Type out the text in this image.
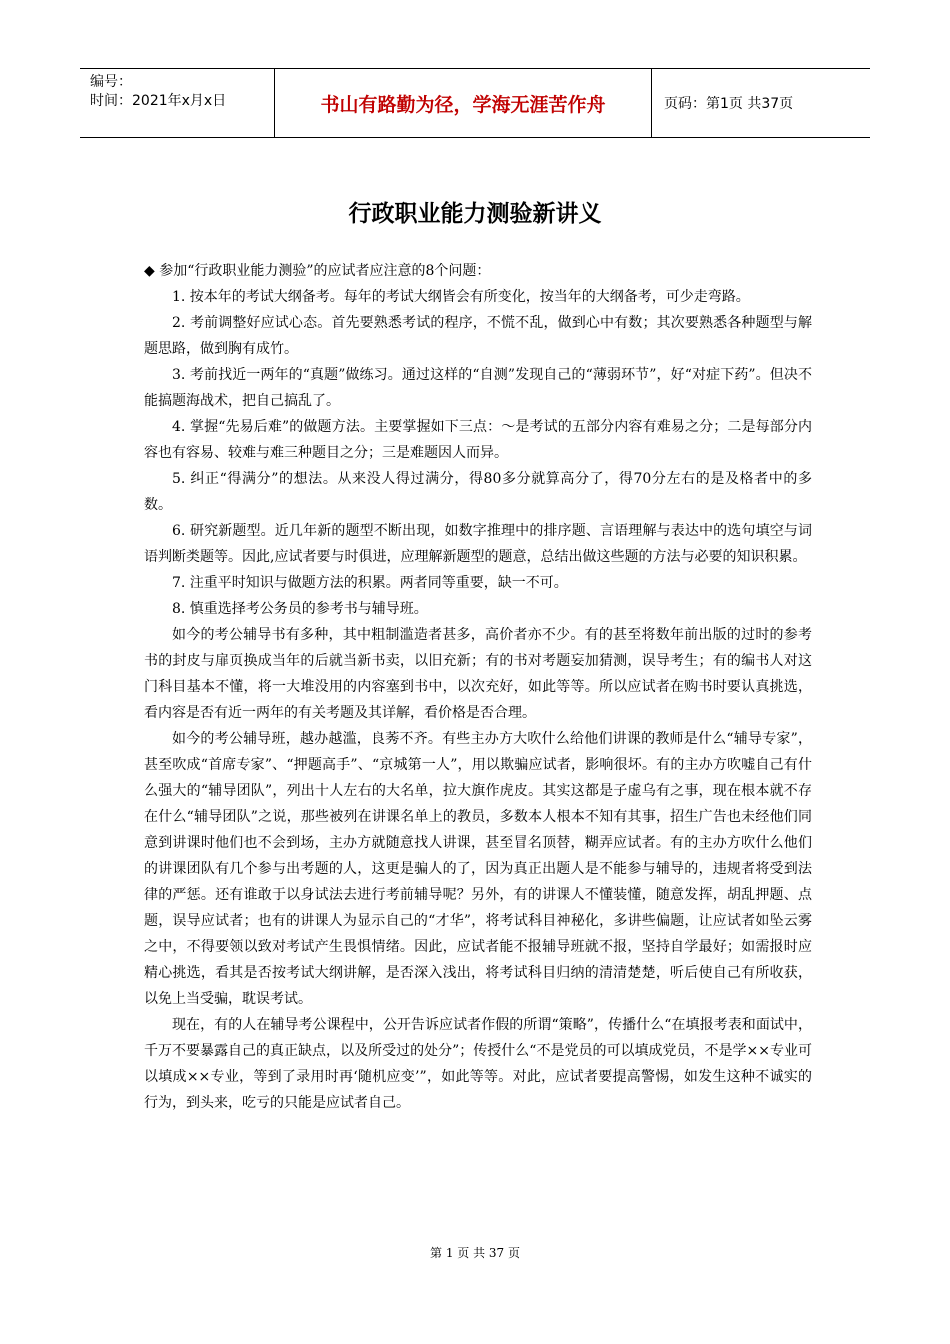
编号：
时间：2021年x月x日	书山有路勤为径，学海无涯苦作舟	页码：第1页 共37页
行政职业能力测验新讲义

◆ 参加“行政职业能力测验”的应试者应注意的8个问题：

1. 按本年的考试大纲备考。每年的考试大纲皆会有所变化，按当年的大纲备考，可少走弯路。

2. 考前调整好应试心态。首先要熟悉考试的程序，不慌不乱，做到心中有数；其次要熟悉各种题型与解题思路，做到胸有成竹。

3. 考前找近一两年的“真题”做练习。通过这样的“自测”发现自己的“薄弱环节”，好“对症下药”。但决不能搞题海战术，把自己搞乱了。

4. 掌握“先易后难”的做题方法。主要掌握如下三点：～是考试的五部分内容有难易之分；二是每部分内容也有容易、较难与难三种题目之分；三是难题因人而异。

5. 纠正“得满分”的想法。从来没人得过满分，得80多分就算高分了，得70分左右的是及格者中的多数。

6. 研究新题型。近几年新的题型不断出现，如数字推理中的排序题、言语理解与表达中的选句填空与词语判断类题等。因此,应试者要与时俱进，应理解新题型的题意，总结出做这些题的方法与必要的知识积累。

7. 注重平时知识与做题方法的积累。两者同等重要，缺一不可。

8. 慎重选择考公务员的参考书与辅导班。

如今的考公辅导书有多种，其中粗制滥造者甚多，高价者亦不少。有的甚至将数年前出版的过时的参考书的封皮与扉页换成当年的后就当新书卖，以旧充新；有的书对考题妄加猜测，误导考生；有的编书人对这门科目基本不懂，将一大堆没用的内容塞到书中，以次充好，如此等等。所以应试者在购书时要认真挑选，看内容是否有近一两年的有关考题及其详解，看价格是否合理。

如今的考公辅导班，越办越滥，良莠不齐。有些主办方大吹什么给他们讲课的教师是什么“辅导专家”，甚至吹成“首席专家”、“押题高手”、“京城第一人”，用以欺骗应试者，影响很坏。有的主办方吹嘘自己有什么强大的“辅导团队”，列出十人左右的大名单，拉大旗作虎皮。其实这都是子虚乌有之事，现在根本就不存在什么“辅导团队”之说，那些被列在讲课名单上的教员，多数本人根本不知有其事，招生广告也未经他们同意到讲课时他们也不会到场，主办方就随意找人讲课，甚至冒名顶替，糊弄应试者。有的主办方吹什么他们的讲课团队有几个参与出考题的人，这更是骗人的了，因为真正出题人是不能参与辅导的，违规者将受到法律的严惩。还有谁敢于以身试法去进行考前辅导呢？另外，有的讲课人不懂装懂，随意发挥，胡乱押题、点题，误导应试者；也有的讲课人为显示自己的“才华”，将考试科目神秘化，多讲些偏题，让应试者如坠云雾之中，不得要领以致对考试产生畏惧情绪。因此，应试者能不报辅导班就不报，坚持自学最好；如需报时应精心挑选，看其是否按考试大纲讲解，是否深入浅出，将考试科目归纳的清清楚楚，听后使自己有所收获，以免上当受骗，耽误考试。

现在，有的人在辅导考公课程中，公开告诉应试者作假的所谓“策略”，传播什么“在填报考表和面试中，千万不要暴露自己的真正缺点，以及所受过的处分”；传授什么“不是党员的可以填成党员，不是学××专业可以填成××专业，等到了录用时再‘随机应变’”，如此等等。对此，应试者要提高警惕，如发生这种不诚实的行为，到头来，吃亏的只能是应试者自己。

第 1 页 共 37 页
